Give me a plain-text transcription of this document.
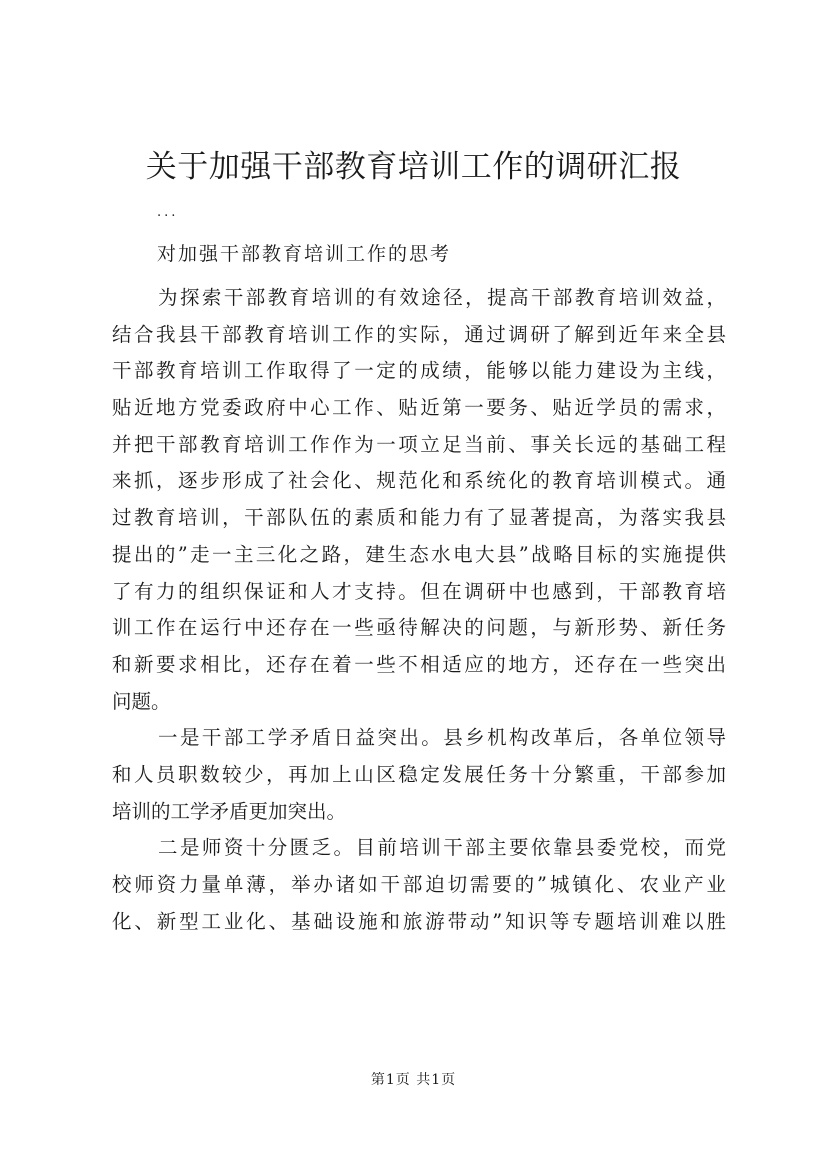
关于加强干部教育培训工作的调研汇报
...
对加强干部教育培训工作的思考
为探索干部教育培训的有效途径，提高干部教育培训效益，
结合我县干部教育培训工作的实际，通过调研了解到近年来全县
干部教育培训工作取得了一定的成绩，能够以能力建设为主线，
贴近地方党委政府中心工作、贴近第一要务、贴近学员的需求，
并把干部教育培训工作作为一项立足当前、事关长远的基础工程
来抓，逐步形成了社会化、规范化和系统化的教育培训模式。通
过教育培训，干部队伍的素质和能力有了显著提高，为落实我县
提出的”走一主三化之路，建生态水电大县”战略目标的实施提供
了有力的组织保证和人才支持。但在调研中也感到，干部教育培
训工作在运行中还存在一些亟待解决的问题，与新形势、新任务
和新要求相比，还存在着一些不相适应的地方，还存在一些突出
问题。
一是干部工学矛盾日益突出。县乡机构改革后，各单位领导
和人员职数较少，再加上山区稳定发展任务十分繁重，干部参加
培训的工学矛盾更加突出。
二是师资十分匮乏。目前培训干部主要依靠县委党校，而党
校师资力量单薄，举办诸如干部迫切需要的”城镇化、农业产业
化、新型工业化、基础设施和旅游带动”知识等专题培训难以胜
第1页 共1页
